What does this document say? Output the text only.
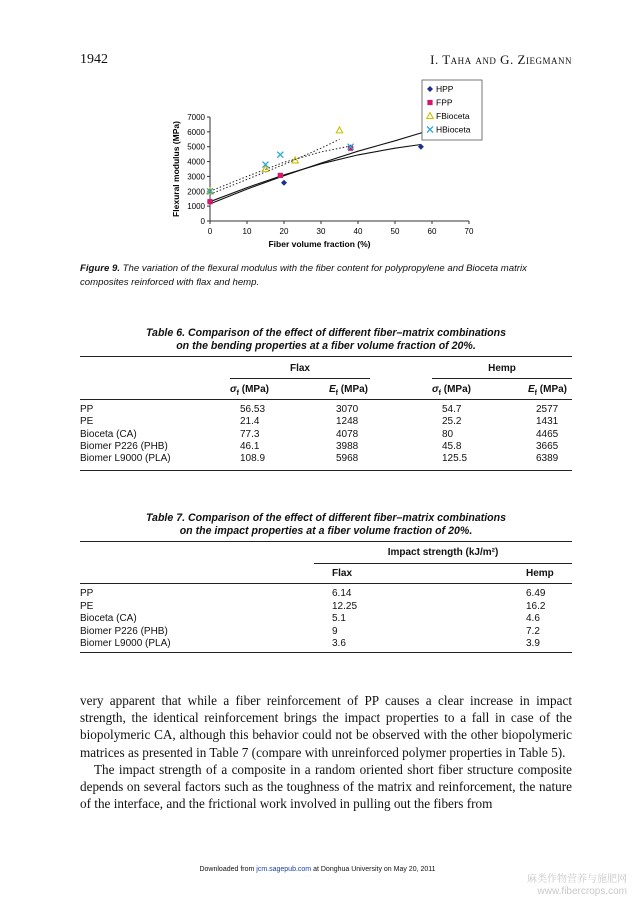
1942	I. Taha and G. Ziegmann
0	10	20	30	40	50	60	70
0
1000
2000
3000
4000
5000
6000
7000
Fiber volume fraction (%)
Flexural modulus (MPa)
HPP
FPP
FBioceta
HBioceta
Figure 9. The variation of the flexural modulus with the fiber content for polypropylene and Bioceta matrix composites reinforced with flax and hemp.
Table 6. Comparison of the effect of different fiber–matrix combinations
on the bending properties at a fiber volume fraction of 20%.
Flax	Hemp
$\sigma_f$ (MPa)	$E_f$ (MPa)	$\sigma_f$ (MPa)	$E_f$ (MPa)
PP	56.53	3070	54.7	2577
PE	21.4	1248	25.2	1431
Bioceta (CA)	77.3	4078	80	4465
Biomer P226 (PHB)	46.1	3988	45.8	3665
Biomer L9000 (PLA)	108.9	5968	125.5	6389
Table 7. Comparison of the effect of different fiber–matrix combinations
on the impact properties at a fiber volume fraction of 20%.
Impact strength (kJ/m²)
Flax	Hemp
PP	6.14	6.49
PE	12.25	16.2
Bioceta (CA)	5.1	4.6
Biomer P226 (PHB)	9	7.2
Biomer L9000 (PLA)	3.6	3.9

very apparent that while a fiber reinforcement of PP causes a clear increase in impact strength, the identical reinforcement brings the impact properties to a fall in case of the biopolymeric CA, although this behavior could not be observed with the other biopolymeric matrices as presented in Table 7 (compare with unreinforced polymer properties in Table 5).

The impact strength of a composite in a random oriented short fiber structure composite depends on several factors such as the toughness of the matrix and reinforcement, the nature of the interface, and the frictional work involved in pulling out the fibers from

Downloaded from jcm.sagepub.com at Donghua University on May 20, 2011
麻类作物营养与施肥网
www.fibercrops.com
